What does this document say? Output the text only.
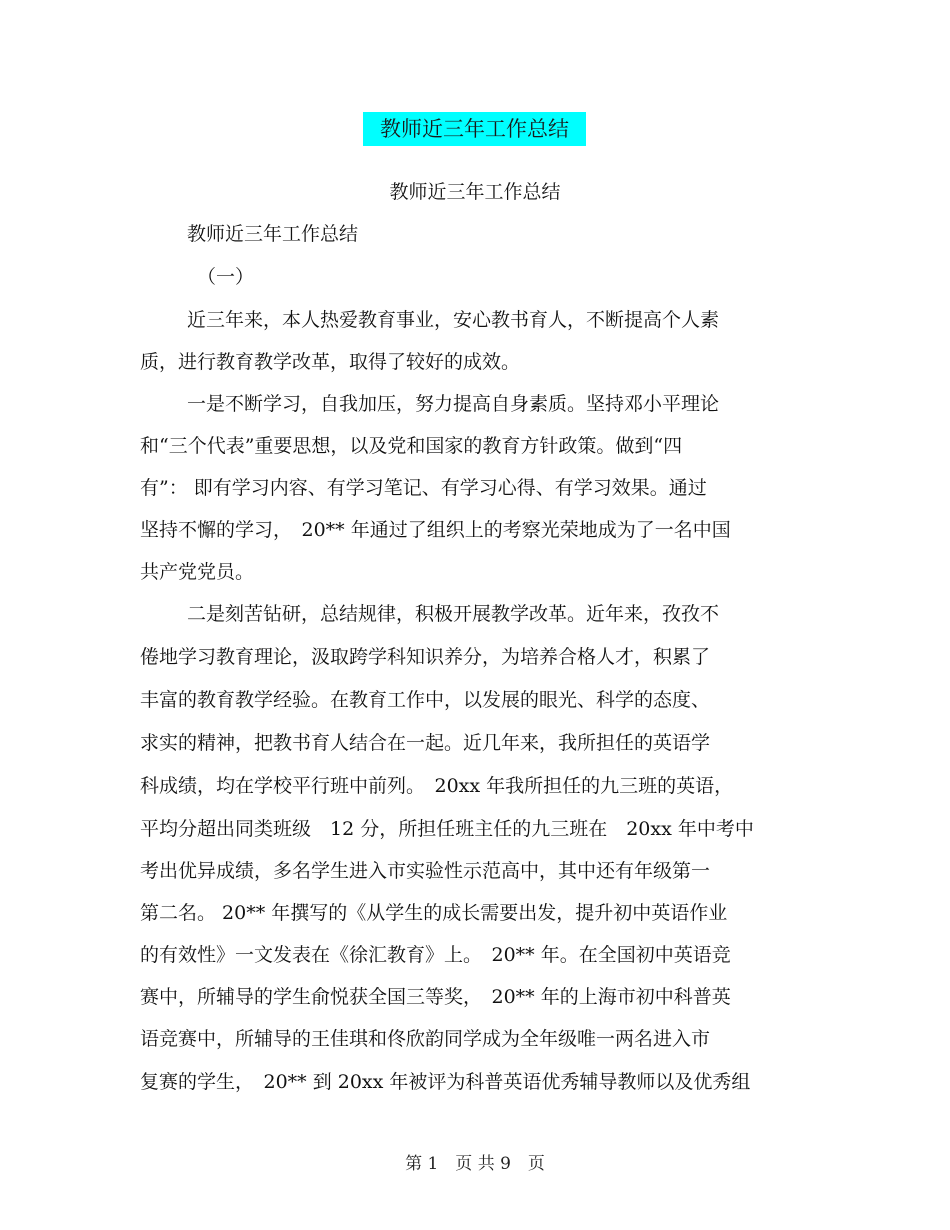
教师近三年工作总结
教师近三年工作总结
教师近三年工作总结
（一）
近三年来，本人热爱教育事业，安心教书育人，不断提高个人素
质，进行教育教学改革，取得了较好的成效。
一是不断学习，自我加压，努力提高自身素质。坚持邓小平理论
和“三个代表”重要思想，以及党和国家的教育方针政策。做到“四
有”： 即有学习内容、有学习笔记、有学习心得、有学习效果。通过
坚持不懈的学习，　20** 年通过了组织上的考察光荣地成为了一名中国
共产党党员。
二是刻苦钻研，总结规律，积极开展教学改革。近年来，孜孜不
倦地学习教育理论，汲取跨学科知识养分，为培养合格人才，积累了
丰富的教育教学经验。在教育工作中，以发展的眼光、科学的态度、
求实的精神，把教书育人结合在一起。近几年来，我所担任的英语学
科成绩，均在学校平行班中前列。　20xx 年我所担任的九三班的英语，
平均分超出同类班级　12 分，所担任班主任的九三班在　20xx 年中考中
考出优异成绩，多名学生进入市实验性示范高中，其中还有年级第一
第二名。 20** 年撰写的《从学生的成长需要出发，提升初中英语作业
的有效性》一文发表在《徐汇教育》上。　20** 年。在全国初中英语竞
赛中，所辅导的学生俞悦获全国三等奖，　20** 年的上海市初中科普英
语竞赛中，所辅导的王佳琪和佟欣韵同学成为全年级唯一两名进入市
复赛的学生，　20** 到 20xx 年被评为科普英语优秀辅导教师以及优秀组
第 1　页 共 9　页
